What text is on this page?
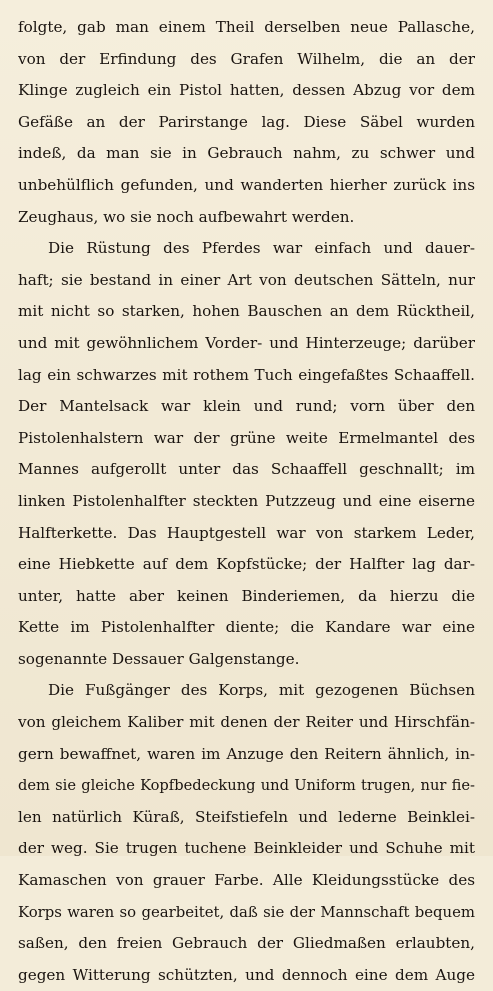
folgte, gab man einem Theil derselben neue Pallasche,
von der Erfindung des Grafen Wilhelm, die an der
Klinge zugleich ein Pistol hatten, dessen Abzug vor dem
Gefäße an der Parirstange lag. Diese Säbel wurden
indeß, da man sie in Gebrauch nahm, zu schwer und
unbehülflich gefunden, und wanderten hierher zurück ins
Zeughaus, wo sie noch aufbewahrt werden.
Die Rüstung des Pferdes war einfach und dauer-
haft; sie bestand in einer Art von deutschen Sätteln, nur
mit nicht so starken, hohen Bauschen an dem Rücktheil,
und mit gewöhnlichem Vorder- und Hinterzeuge; darüber
lag ein schwarzes mit rothem Tuch eingefaßtes Schaaffell.
Der Mantelsack war klein und rund; vorn über den
Pistolenhalstern war der grüne weite Ermelmantel des
Mannes aufgerollt unter das Schaaffell geschnallt; im
linken Pistolenhalfter steckten Putzzeug und eine eiserne
Halfterkette. Das Hauptgestell war von starkem Leder,
eine Hiebkette auf dem Kopfstücke; der Halfter lag dar-
unter, hatte aber keinen Binderiemen, da hierzu die
Kette im Pistolenhalfter diente; die Kandare war eine
sogenannte Dessauer Galgenstange.
Die Fußgänger des Korps, mit gezogenen Büchsen
von gleichem Kaliber mit denen der Reiter und Hirschfän-
gern bewaffnet, waren im Anzuge den Reitern ähnlich, in-
dem sie gleiche Kopfbedeckung und Uniform trugen, nur fie-
len natürlich Küraß, Steifstiefeln und lederne Beinklei-
der weg. Sie trugen tuchene Beinkleider und Schuhe mit
Kamaschen von grauer Farbe. Alle Kleidungsstücke des
Korps waren so gearbeitet, daß sie der Mannschaft bequem
saßen, den freien Gebrauch der Gliedmaßen erlaubten,
gegen Witterung schützten, und dennoch eine dem Auge
